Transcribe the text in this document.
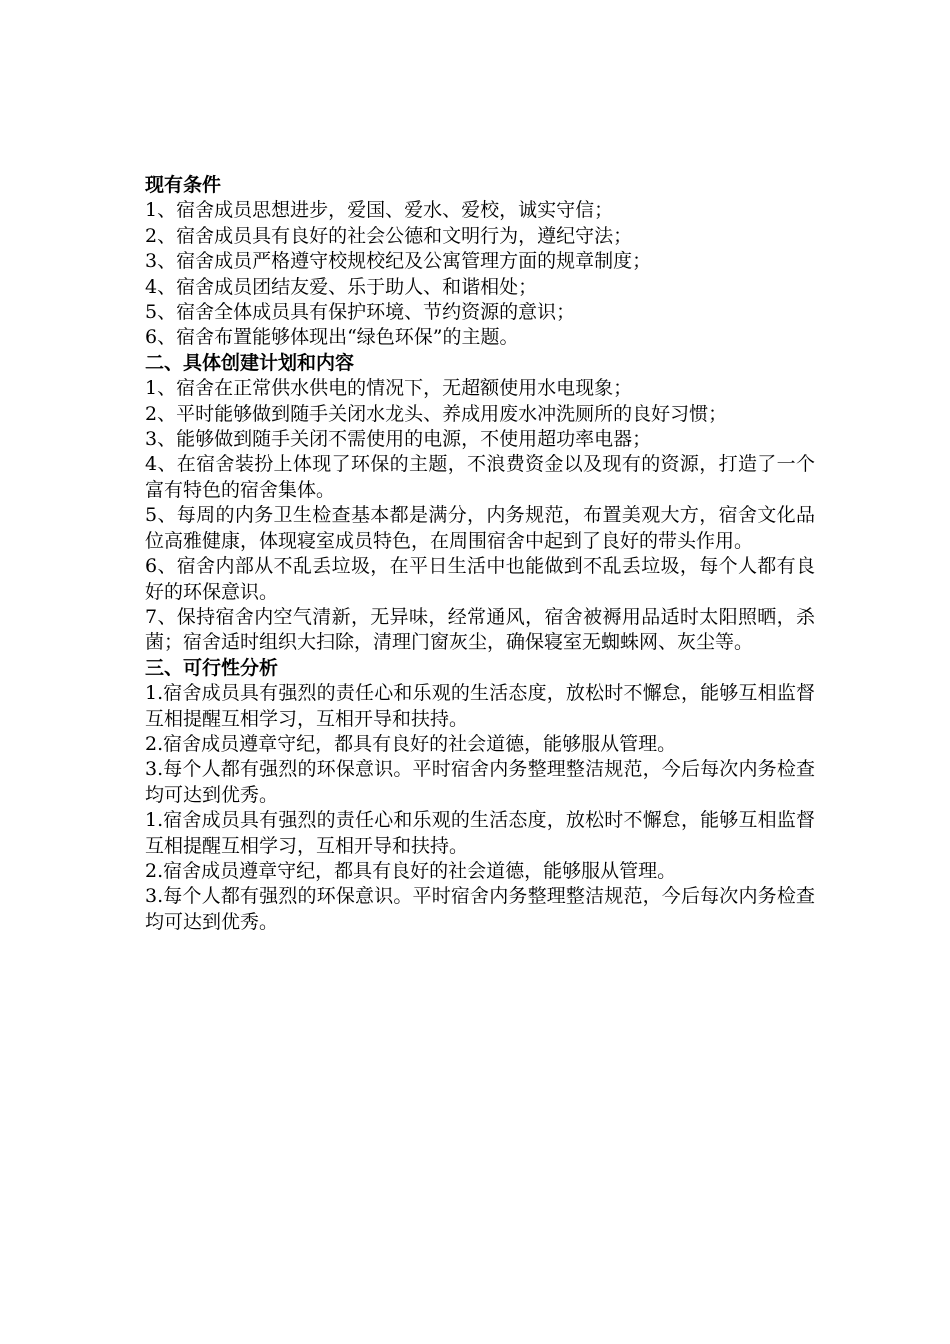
现有条件

1、宿舍成员思想进步，爱国、爱水、爱校，诚实守信；

2、宿舍成员具有良好的社会公德和文明行为，遵纪守法；

3、宿舍成员严格遵守校规校纪及公寓管理方面的规章制度；

4、宿舍成员团结友爱、乐于助人、和谐相处；

5、宿舍全体成员具有保护环境、节约资源的意识；

6、宿舍布置能够体现出“绿色环保”的主题。

二、具体创建计划和内容

1、宿舍在正常供水供电的情况下，无超额使用水电现象；

2、平时能够做到随手关闭水龙头、养成用废水冲洗厕所的良好习惯；

3、能够做到随手关闭不需使用的电源，不使用超功率电器；

4、在宿舍装扮上体现了环保的主题，不浪费资金以及现有的资源，打造了一个富有特色的宿舍集体。

5、每周的内务卫生检查基本都是满分，内务规范，布置美观大方，宿舍文化品位高雅健康，体现寝室成员特色，在周围宿舍中起到了良好的带头作用。

6、宿舍内部从不乱丢垃圾，在平日生活中也能做到不乱丢垃圾，每个人都有良好的环保意识。

7、保持宿舍内空气清新，无异味，经常通风，宿舍被褥用品适时太阳照晒，杀菌；宿舍适时组织大扫除，清理门窗灰尘，确保寝室无蜘蛛网、灰尘等。

三、可行性分析

1.宿舍成员具有强烈的责任心和乐观的生活态度，放松时不懈怠，能够互相监督互相提醒互相学习，互相开导和扶持。

2.宿舍成员遵章守纪，都具有良好的社会道德，能够服从管理。

3.每个人都有强烈的环保意识。平时宿舍内务整理整洁规范，今后每次内务检查均可达到优秀。

1.宿舍成员具有强烈的责任心和乐观的生活态度，放松时不懈怠，能够互相监督互相提醒互相学习，互相开导和扶持。

2.宿舍成员遵章守纪，都具有良好的社会道德，能够服从管理。

3.每个人都有强烈的环保意识。平时宿舍内务整理整洁规范，今后每次内务检查均可达到优秀。
